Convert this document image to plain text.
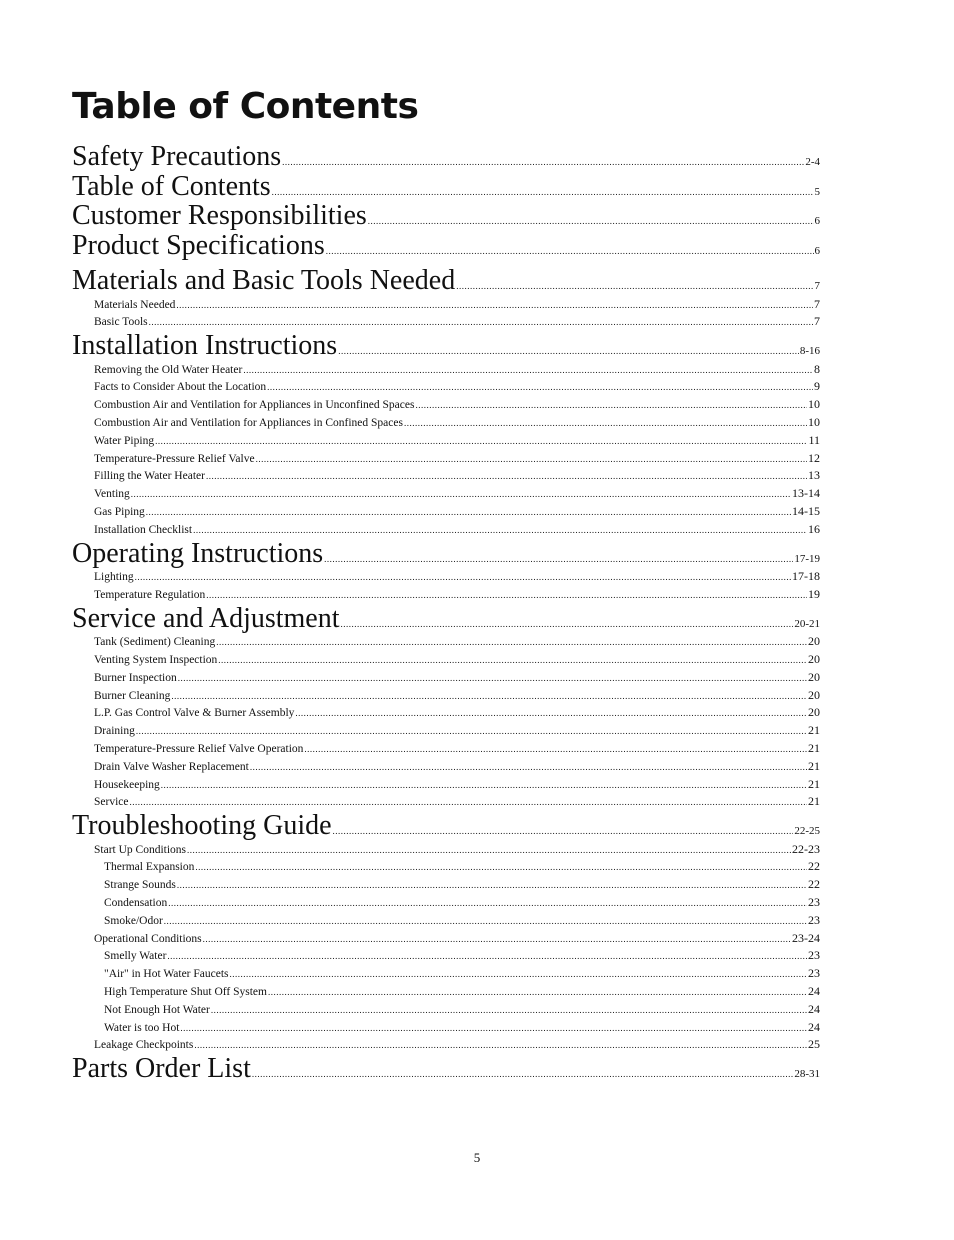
Table of Contents
Safety Precautions .....	2-4
Table of Contents .....	5
Customer Responsibilities .....	6
Product Specifications .....	6
Materials and Basic Tools Needed .....	7
Materials Needed .....	7
Basic Tools .....	7
Installation Instructions .....	8-16
Removing the Old Water Heater .....	8
Facts to Consider About the Location .....	9
Combustion Air and Ventilation for Appliances in Unconfined Spaces .....	10
Combustion Air and Ventilation for Appliances in Confined Spaces .....	10
Water Piping .....	11
Temperature-Pressure Relief Valve .....	12
Filling the Water Heater .....	13
Venting .....	13-14
Gas Piping .....	14-15
Installation Checklist .....	16
Operating Instructions .....	17-19
Lighting .....	17-18
Temperature Regulation .....	19
Service and Adjustment .....	20-21
Tank (Sediment) Cleaning .....	20
Venting System Inspection .....	20
Burner Inspection .....	20
Burner Cleaning .....	20
L.P. Gas Control Valve & Burner Assembly .....	20
Draining .....	21
Temperature-Pressure Relief Valve Operation .....	21
Drain Valve Washer Replacement .....	21
Housekeeping .....	21
Service .....	21
Troubleshooting Guide .....	22-25
Start Up Conditions .....	22-23
Thermal Expansion .....	22
Strange Sounds .....	22
Condensation .....	23
Smoke/Odor .....	23
Operational Conditions .....	23-24
Smelly Water .....	23
"Air" in Hot Water Faucets .....	23
High Temperature Shut Off System .....	24
Not Enough Hot Water .....	24
Water is too Hot .....	24
Leakage Checkpoints .....	25
Parts Order List .....	28-31
5
